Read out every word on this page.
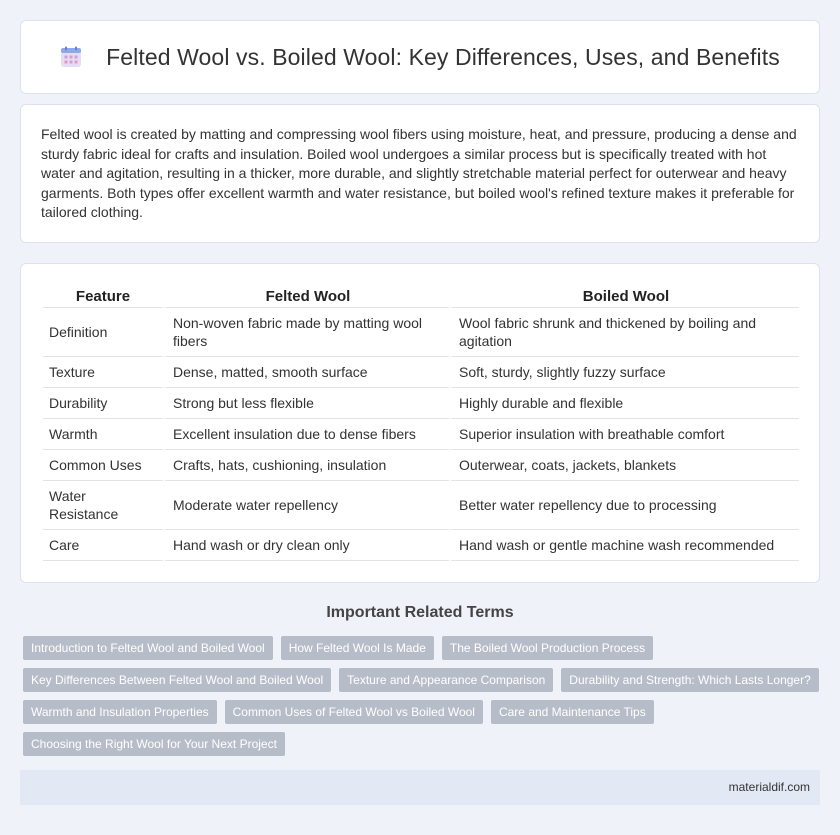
Felted Wool vs. Boiled Wool: Key Differences, Uses, and Benefits

Felted wool is created by matting and compressing wool fibers using moisture, heat, and pressure, producing a dense and sturdy fabric ideal for crafts and insulation. Boiled wool undergoes a similar process but is specifically treated with hot water and agitation, resulting in a thicker, more durable, and slightly stretchable material perfect for outerwear and heavy garments. Both types offer excellent warmth and water resistance, but boiled wool's refined texture makes it preferable for tailored clothing.

Feature	Felted Wool	Boiled Wool
Definition	Non-woven fabric made by matting wool fibers	Wool fabric shrunk and thickened by boiling and agitation
Texture	Dense, matted, smooth surface	Soft, sturdy, slightly fuzzy surface
Durability	Strong but less flexible	Highly durable and flexible
Warmth	Excellent insulation due to dense fibers	Superior insulation with breathable comfort
Common Uses	Crafts, hats, cushioning, insulation	Outerwear, coats, jackets, blankets
Water Resistance	Moderate water repellency	Better water repellency due to processing
Care	Hand wash or dry clean only	Hand wash or gentle machine wash recommended
Important Related Terms
Introduction to Felted Wool and Boiled Wool	How Felted Wool Is Made	The Boiled Wool Production Process
Key Differences Between Felted Wool and Boiled Wool	Texture and Appearance Comparison	Durability and Strength: Which Lasts Longer?
Warmth and Insulation Properties	Common Uses of Felted Wool vs Boiled Wool	Care and Maintenance Tips
Choosing the Right Wool for Your Next Project
materialdif.com
